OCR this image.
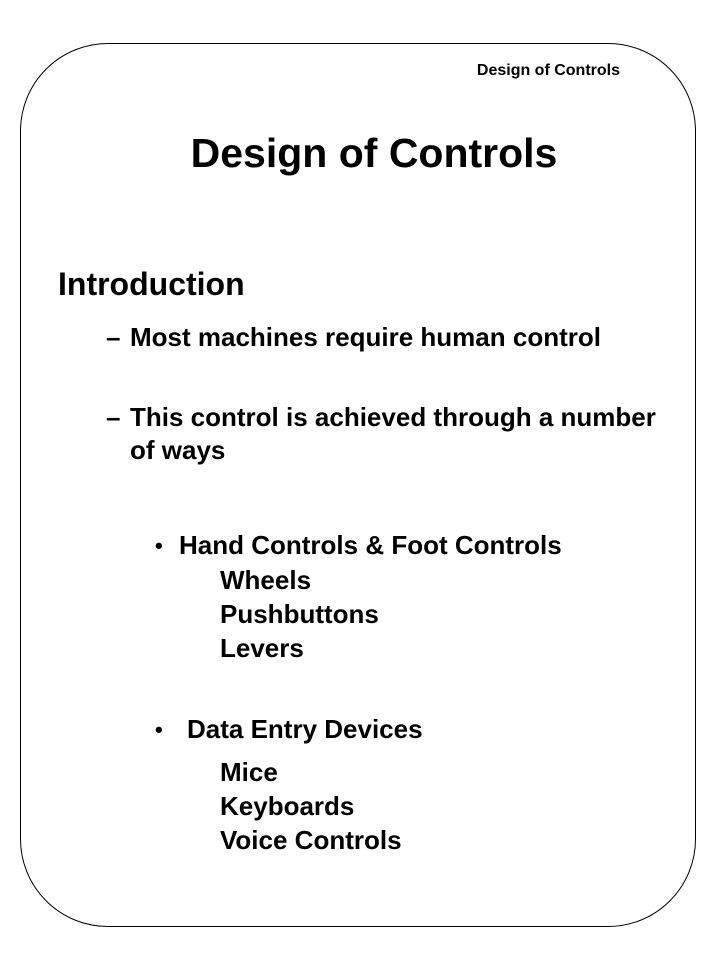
Design of Controls
Design of Controls
Introduction
– Most machines require human control
– This control is achieved through a number of ways
• Hand Controls & Foot Controls
Wheels
Pushbuttons
Levers
• Data Entry Devices
Mice
Keyboards
Voice Controls
